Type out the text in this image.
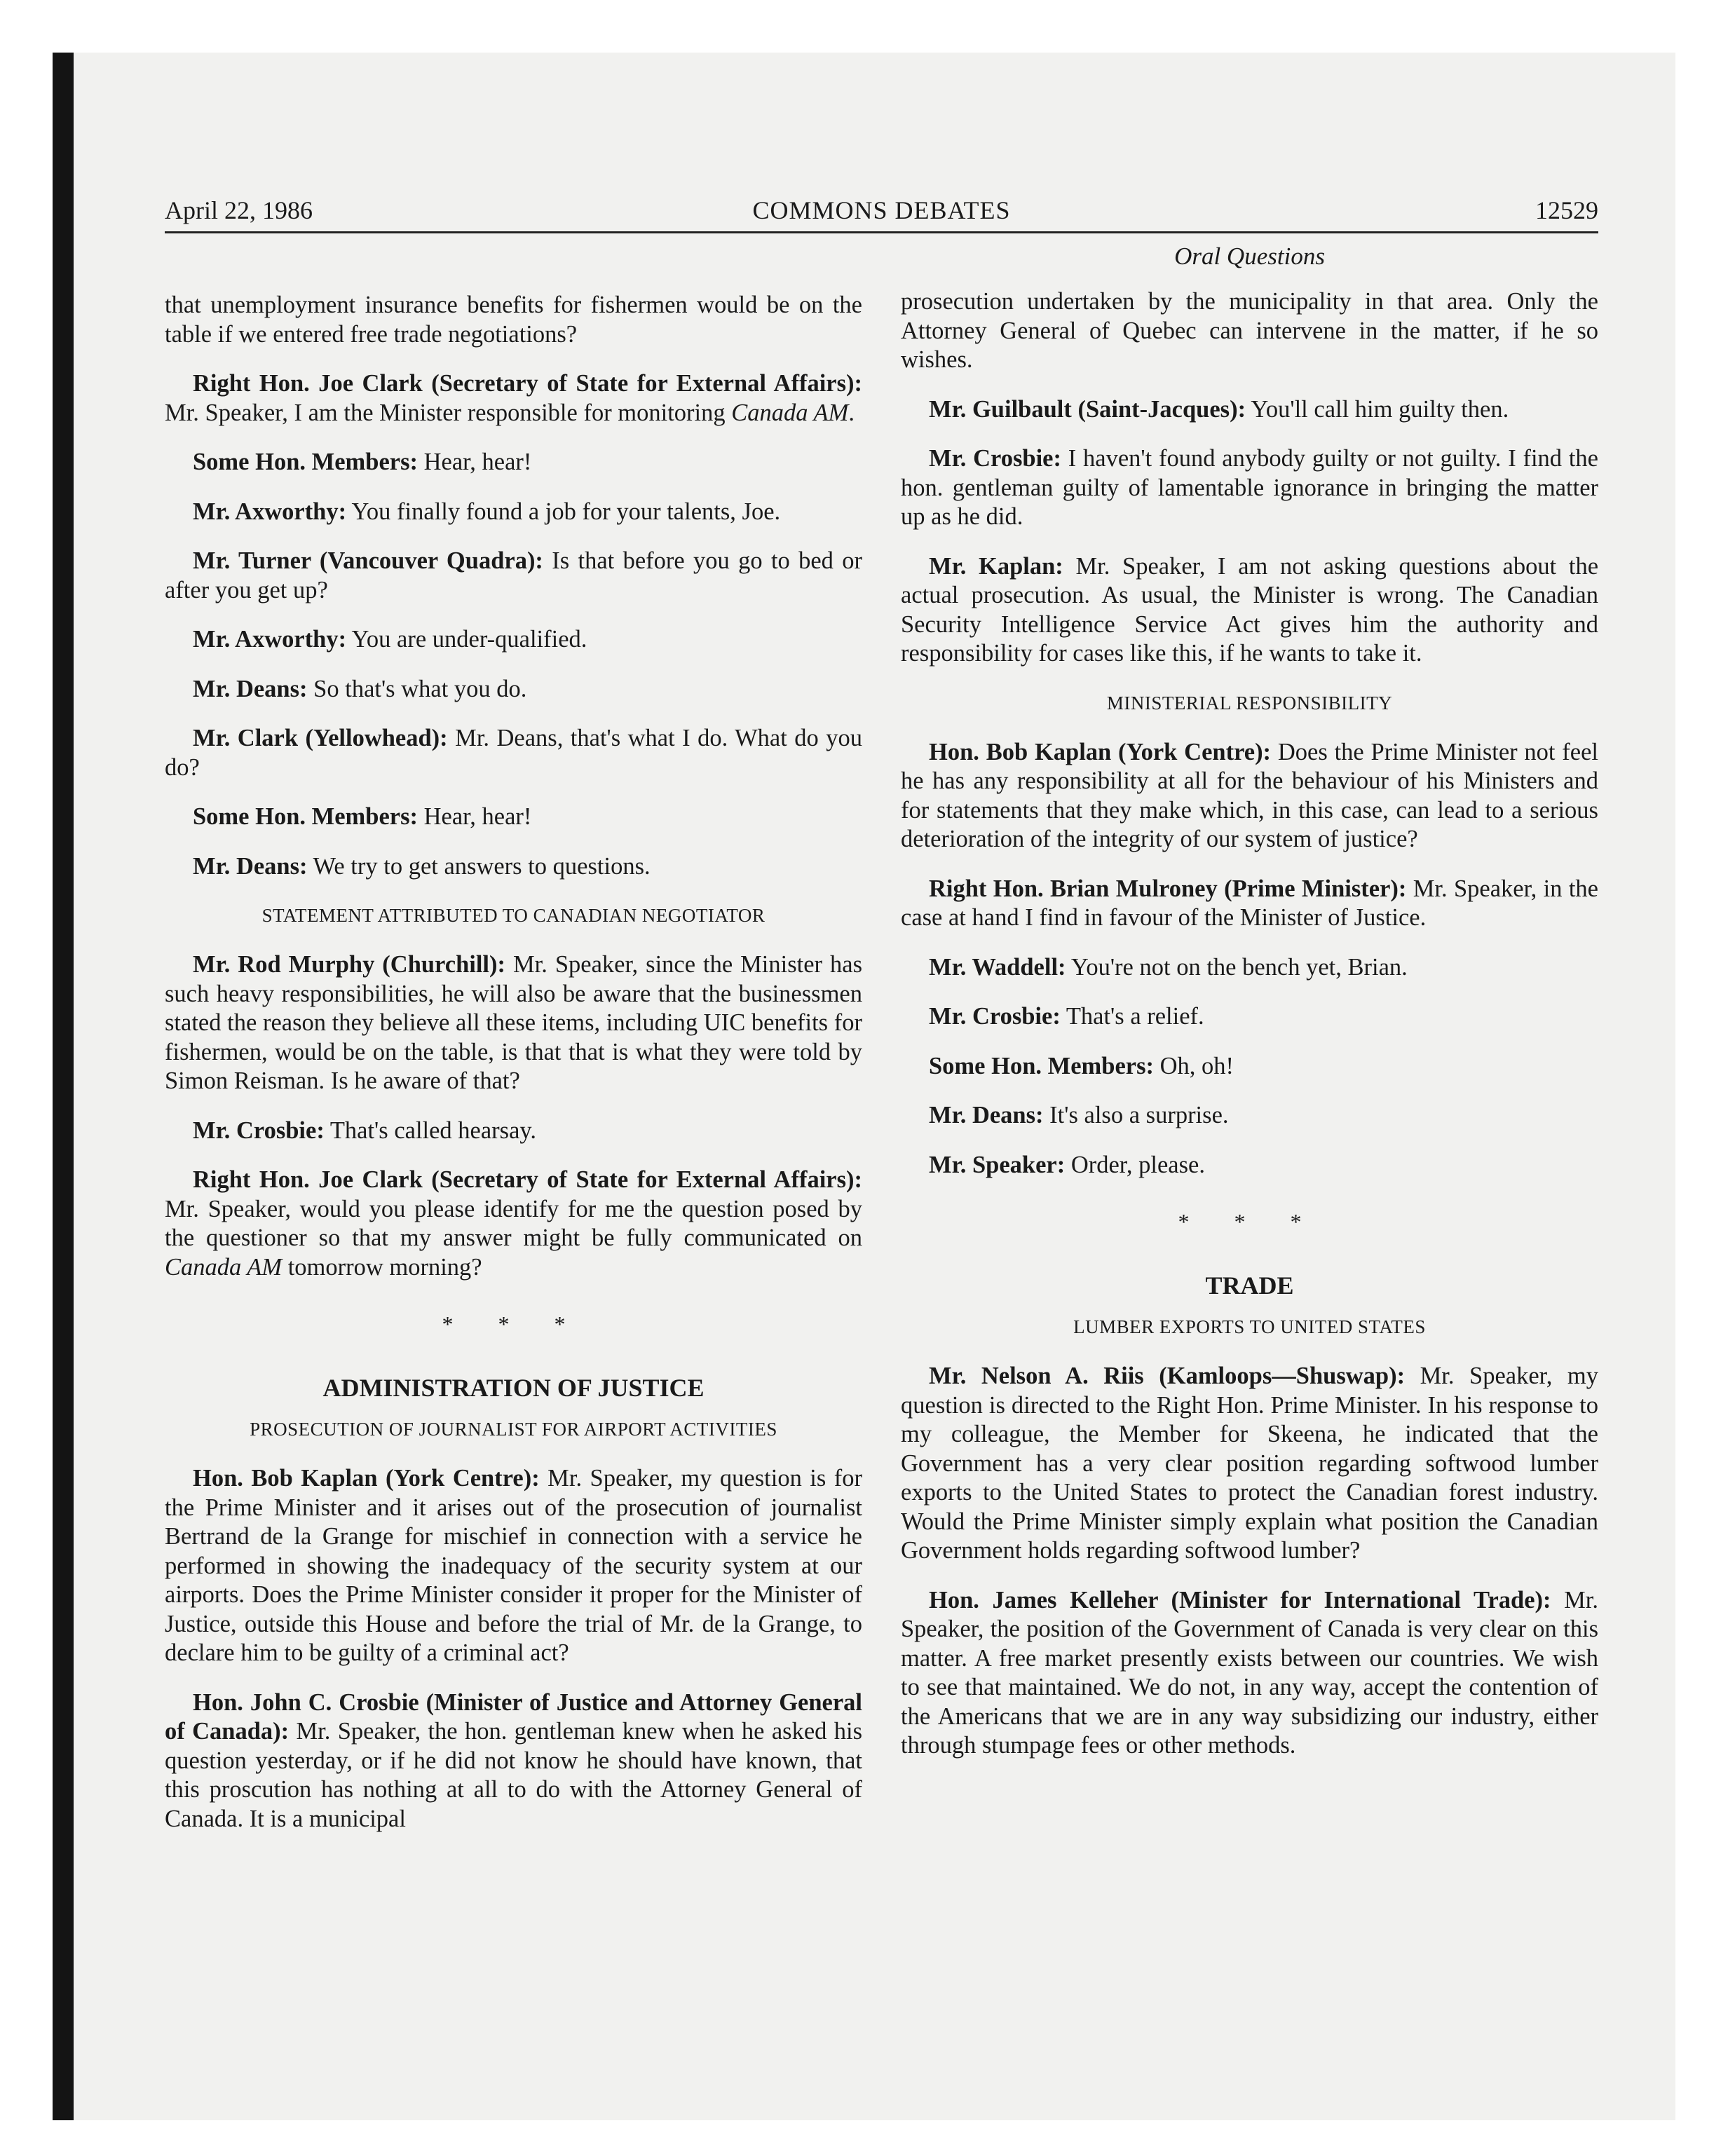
April 22, 1986	COMMONS DEBATES	12529

that unemployment insurance benefits for fishermen would be on the table if we entered free trade negotiations?

Right Hon. Joe Clark (Secretary of State for External Affairs): Mr. Speaker, I am the Minister responsible for monitoring Canada AM.

Some Hon. Members: Hear, hear!

Mr. Axworthy: You finally found a job for your talents, Joe.

Mr. Turner (Vancouver Quadra): Is that before you go to bed or after you get up?

Mr. Axworthy: You are under-qualified.

Mr. Deans: So that's what you do.

Mr. Clark (Yellowhead): Mr. Deans, that's what I do. What do you do?

Some Hon. Members: Hear, hear!

Mr. Deans: We try to get answers to questions.

STATEMENT ATTRIBUTED TO CANADIAN NEGOTIATOR

Mr. Rod Murphy (Churchill): Mr. Speaker, since the Minister has such heavy responsibilities, he will also be aware that the businessmen stated the reason they believe all these items, including UIC benefits for fishermen, would be on the table, is that that is what they were told by Simon Reisman. Is he aware of that?

Mr. Crosbie: That's called hearsay.

Right Hon. Joe Clark (Secretary of State for External Affairs): Mr. Speaker, would you please identify for me the question posed by the questioner so that my answer might be fully communicated on Canada AM tomorrow morning?

* * *
ADMINISTRATION OF JUSTICE
PROSECUTION OF JOURNALIST FOR AIRPORT ACTIVITIES

Hon. Bob Kaplan (York Centre): Mr. Speaker, my question is for the Prime Minister and it arises out of the prosecution of journalist Bertrand de la Grange for mischief in connection with a service he performed in showing the inadequacy of the security system at our airports. Does the Prime Minister consider it proper for the Minister of Justice, outside this House and before the trial of Mr. de la Grange, to declare him to be guilty of a criminal act?

Hon. John C. Crosbie (Minister of Justice and Attorney General of Canada): Mr. Speaker, the hon. gentleman knew when he asked his question yesterday, or if he did not know he should have known, that this proscution has nothing at all to do with the Attorney General of Canada. It is a municipal

Oral Questions

prosecution undertaken by the municipality in that area. Only the Attorney General of Quebec can intervene in the matter, if he so wishes.

Mr. Guilbault (Saint-Jacques): You'll call him guilty then.

Mr. Crosbie: I haven't found anybody guilty or not guilty. I find the hon. gentleman guilty of lamentable ignorance in bringing the matter up as he did.

Mr. Kaplan: Mr. Speaker, I am not asking questions about the actual prosecution. As usual, the Minister is wrong. The Canadian Security Intelligence Service Act gives him the authority and responsibility for cases like this, if he wants to take it.

MINISTERIAL RESPONSIBILITY

Hon. Bob Kaplan (York Centre): Does the Prime Minister not feel he has any responsibility at all for the behaviour of his Ministers and for statements that they make which, in this case, can lead to a serious deterioration of the integrity of our system of justice?

Right Hon. Brian Mulroney (Prime Minister): Mr. Speaker, in the case at hand I find in favour of the Minister of Justice.

Mr. Waddell: You're not on the bench yet, Brian.

Mr. Crosbie: That's a relief.

Some Hon. Members: Oh, oh!

Mr. Deans: It's also a surprise.

Mr. Speaker: Order, please.

* * *
TRADE
LUMBER EXPORTS TO UNITED STATES

Mr. Nelson A. Riis (Kamloops—Shuswap): Mr. Speaker, my question is directed to the Right Hon. Prime Minister. In his response to my colleague, the Member for Skeena, he indicated that the Government has a very clear position regarding softwood lumber exports to the United States to protect the Canadian forest industry. Would the Prime Minister simply explain what position the Canadian Government holds regarding softwood lumber?

Hon. James Kelleher (Minister for International Trade): Mr. Speaker, the position of the Government of Canada is very clear on this matter. A free market presently exists between our countries. We wish to see that maintained. We do not, in any way, accept the contention of the Americans that we are in any way subsidizing our industry, either through stumpage fees or other methods.
